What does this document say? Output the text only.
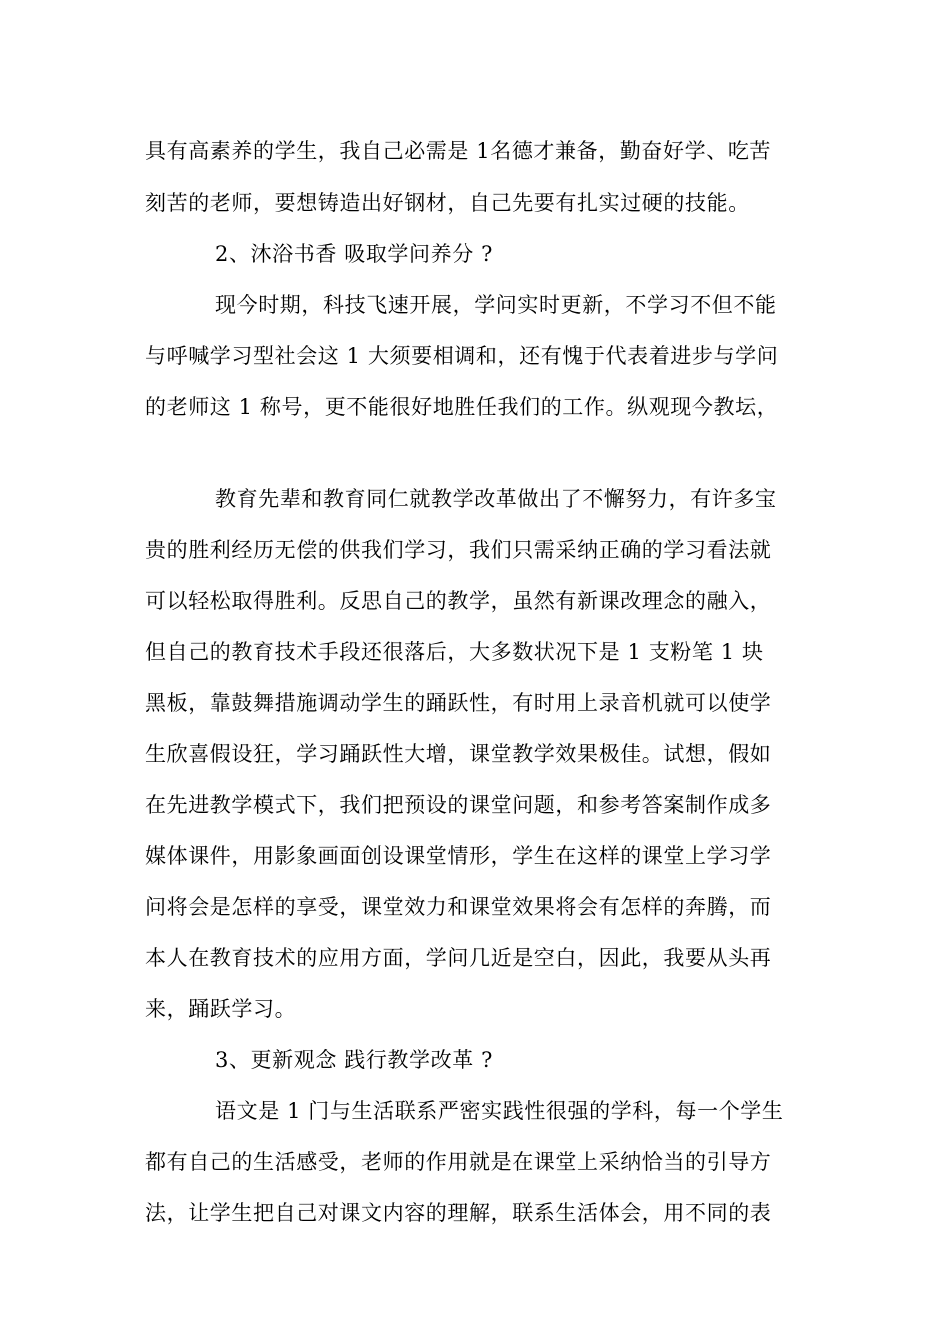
具有高素养的学生，我自己必需是 1名德才兼备，勤奋好学、吃苦
刻苦的老师，要想铸造出好钢材，自己先要有扎实过硬的技能。
2、沐浴书香 吸取学问养分 ?
现今时期，科技飞速开展，学问实时更新，不学习不但不能
与呼喊学习型社会这 1 大须要相调和，还有愧于代表着进步与学问
的老师这 1 称号，更不能很好地胜任我们的工作。纵观现今教坛，
教育先辈和教育同仁就教学改革做出了不懈努力，有许多宝
贵的胜利经历无偿的供我们学习，我们只需采纳正确的学习看法就
可以轻松取得胜利。反思自己的教学，虽然有新课改理念的融入，
但自己的教育技术手段还很落后，大多数状况下是 1 支粉笔 1 块
黑板，靠鼓舞措施调动学生的踊跃性，有时用上录音机就可以使学
生欣喜假设狂，学习踊跃性大增，课堂教学效果极佳。试想，假如
在先进教学模式下，我们把预设的课堂问题，和参考答案制作成多
媒体课件，用影象画面创设课堂情形，学生在这样的课堂上学习学
问将会是怎样的享受，课堂效力和课堂效果将会有怎样的奔腾，而
本人在教育技术的应用方面，学问几近是空白，因此，我要从头再
来，踊跃学习。
3、更新观念 践行教学改革 ?
语文是 1 门与生活联系严密实践性很强的学科，每一个学生
都有自己的生活感受，老师的作用就是在课堂上采纳恰当的引导方
法，让学生把自己对课文内容的理解，联系生活体会，用不同的表
